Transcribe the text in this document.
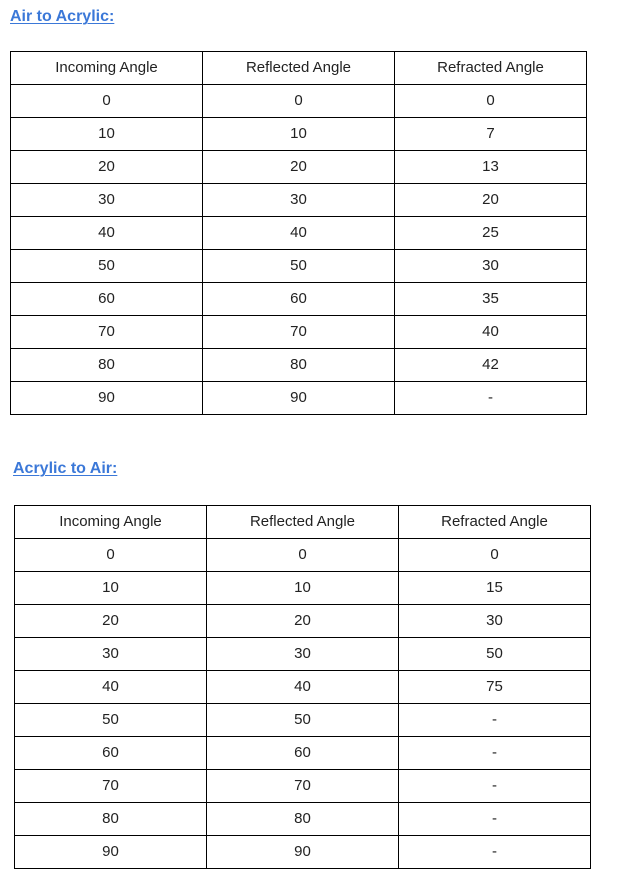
Air to Acrylic:
Incoming Angle	Reflected Angle	Refracted Angle
0	0	0
10	10	7
20	20	13
30	30	20
40	40	25
50	50	30
60	60	35
70	70	40
80	80	42
90	90	-
Acrylic to Air:
Incoming Angle	Reflected Angle	Refracted Angle
0	0	0
10	10	15
20	20	30
30	30	50
40	40	75
50	50	-
60	60	-
70	70	-
80	80	-
90	90	-
